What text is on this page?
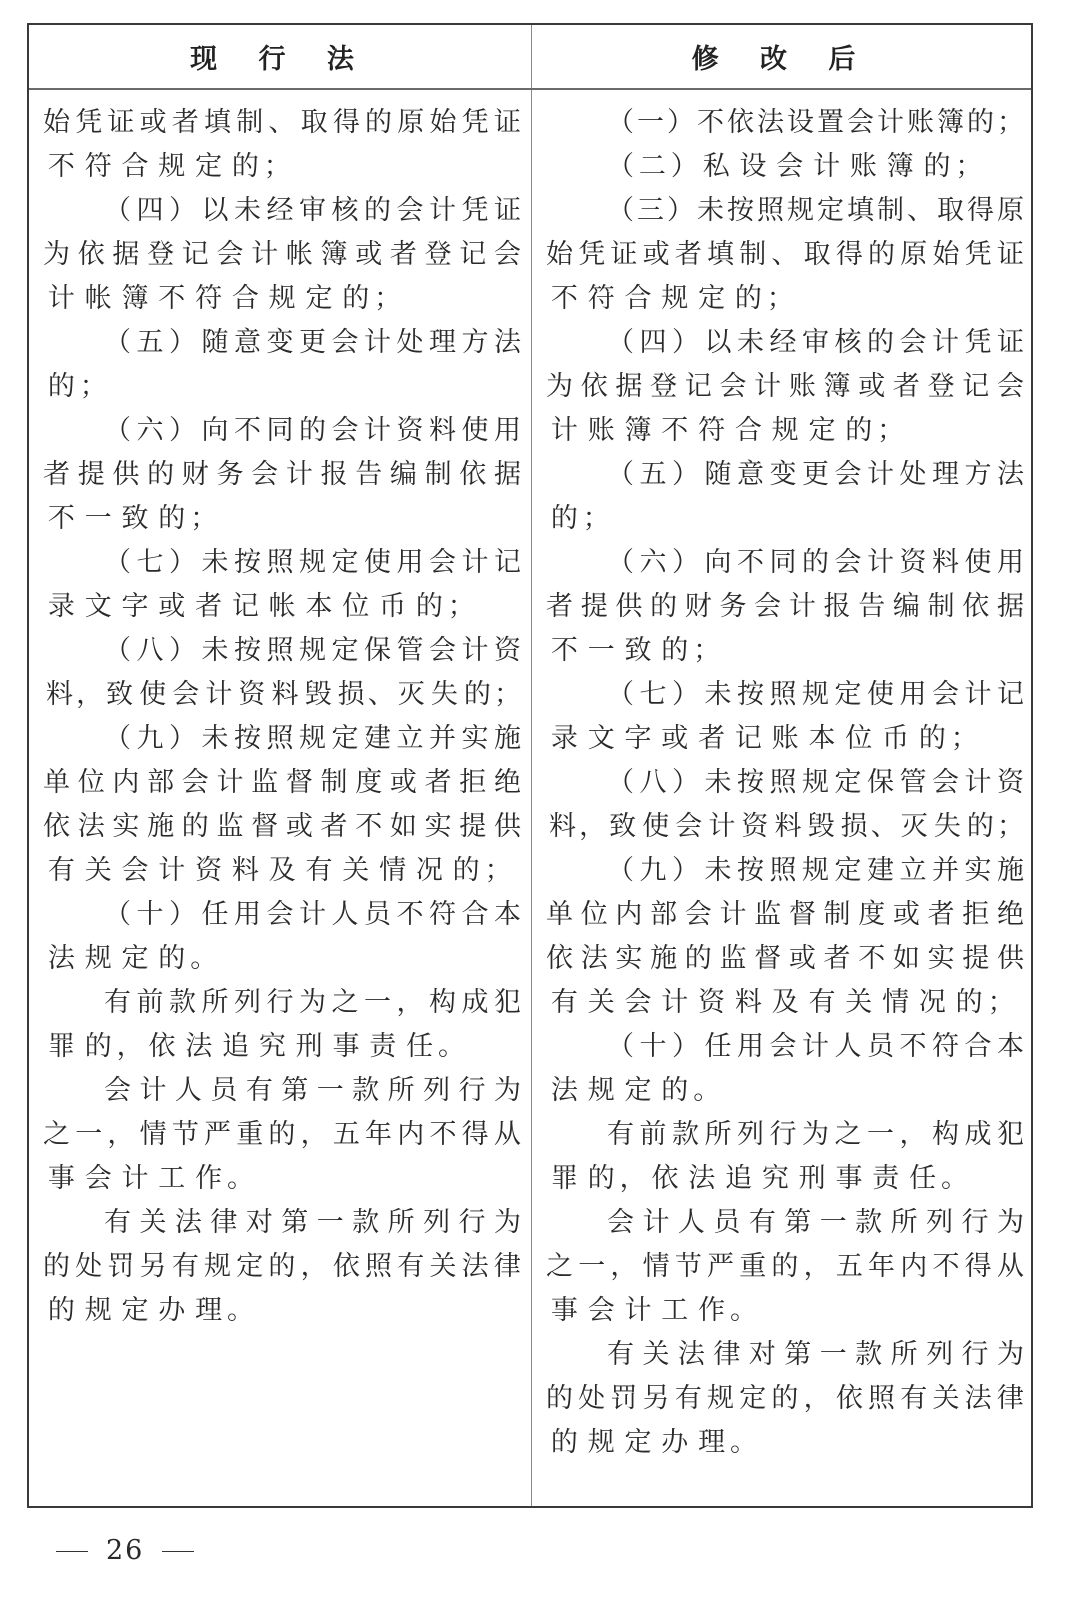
现 行 法	修 改 后
始 凭 证 或 者 填 制 、 取 得 的 原 始 凭 证
不 符 合 规 定 的 ；
（ 四 ） 以 未 经 审 核 的 会 计 凭 证
为 依 据 登 记 会 计 帐 簿 或 者 登 记 会
计 帐 簿 不 符 合 规 定 的 ；
（ 五 ） 随 意 变 更 会 计 处 理 方 法
的 ；
（ 六 ） 向 不 同 的 会 计 资 料 使 用
者 提 供 的 财 务 会 计 报 告 编 制 依 据
不 一 致 的 ；
（ 七 ） 未 按 照 规 定 使 用 会 计 记
录 文 字 或 者 记 帐 本 位 币 的 ；
（ 八 ） 未 按 照 规 定 保 管 会 计 资
料 ， 致 使 会 计 资 料 毁 损 、 灭 失 的 ；
（ 九 ） 未 按 照 规 定 建 立 并 实 施
单 位 内 部 会 计 监 督 制 度 或 者 拒 绝
依 法 实 施 的 监 督 或 者 不 如 实 提 供
有 关 会 计 资 料 及 有 关 情 况 的 ；
（ 十 ） 任 用 会 计 人 员 不 符 合 本
法 规 定 的 。
有 前 款 所 列 行 为 之 一 ， 构 成 犯
罪 的 ， 依 法 追 究 刑 事 责 任 。
会 计 人 员 有 第 一 款 所 列 行 为
之 一 ， 情 节 严 重 的 ， 五 年 内 不 得 从
事 会 计 工 作 。
有 关 法 律 对 第 一 款 所 列 行 为
的 处 罚 另 有 规 定 的 ， 依 照 有 关 法 律
的 规 定 办 理 。
（ 一 ） 不 依 法 设 置 会 计 账 簿 的 ；
（ 二 ） 私 设 会 计 账 簿 的 ；
（ 三 ） 未 按 照 规 定 填 制 、 取 得 原
始 凭 证 或 者 填 制 、 取 得 的 原 始 凭 证
不 符 合 规 定 的 ；
（ 四 ） 以 未 经 审 核 的 会 计 凭 证
为 依 据 登 记 会 计 账 簿 或 者 登 记 会
计 账 簿 不 符 合 规 定 的 ；
（ 五 ） 随 意 变 更 会 计 处 理 方 法
的 ；
（ 六 ） 向 不 同 的 会 计 资 料 使 用
者 提 供 的 财 务 会 计 报 告 编 制 依 据
不 一 致 的 ；
（ 七 ） 未 按 照 规 定 使 用 会 计 记
录 文 字 或 者 记 账 本 位 币 的 ；
（ 八 ） 未 按 照 规 定 保 管 会 计 资
料 ， 致 使 会 计 资 料 毁 损 、 灭 失 的 ；
（ 九 ） 未 按 照 规 定 建 立 并 实 施
单 位 内 部 会 计 监 督 制 度 或 者 拒 绝
依 法 实 施 的 监 督 或 者 不 如 实 提 供
有 关 会 计 资 料 及 有 关 情 况 的 ；
（ 十 ） 任 用 会 计 人 员 不 符 合 本
法 规 定 的 。
有 前 款 所 列 行 为 之 一 ， 构 成 犯
罪 的 ， 依 法 追 究 刑 事 责 任 。
会 计 人 员 有 第 一 款 所 列 行 为
之 一 ， 情 节 严 重 的 ， 五 年 内 不 得 从
事 会 计 工 作 。
有 关 法 律 对 第 一 款 所 列 行 为
的 处 罚 另 有 规 定 的 ， 依 照 有 关 法 律
的 规 定 办 理 。
26
